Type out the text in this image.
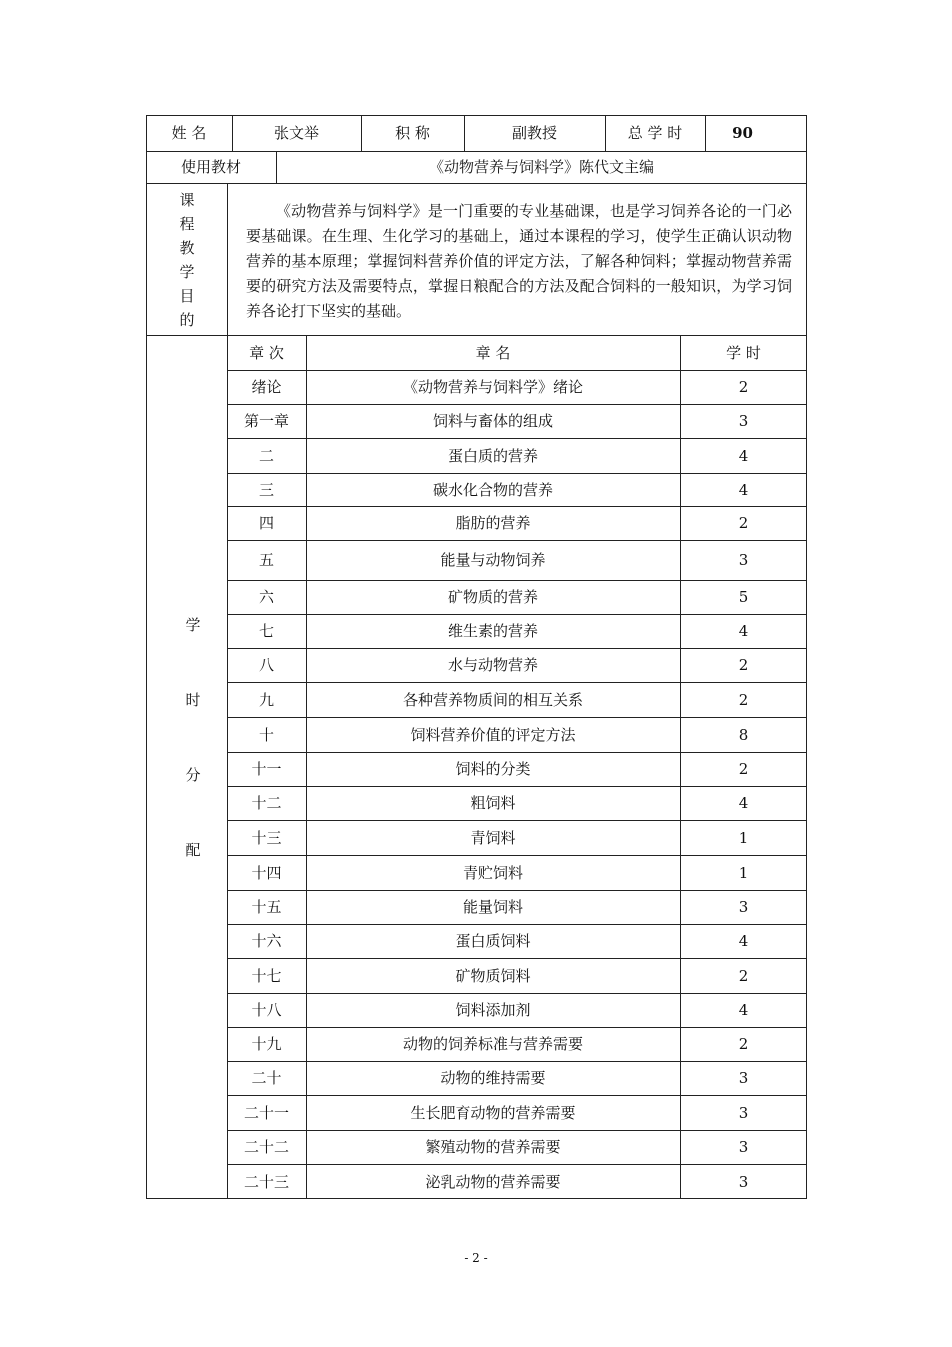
姓 名	张文举	积 称	副教授	总 学 时	90
使用教材	《动物营养与饲料学》陈代文主编
课
程
教
学
目
的
《动物营养与饲料学》是一门重要的专业基础课，也是学习饲养各论的一门必要基础课。在生理、生化学习的基础上，通过本课程的学习，使学生正确认识动物营养的基本原理；掌握饲料营养价值的评定方法，了解各种饲料；掌握动物营养需要的研究方法及需要特点，掌握日粮配合的方法及配合饲料的一般知识，为学习饲养各论打下坚实的基础。
学
时
分
配
章 次	章 名	学 时
绪论	《动物营养与饲料学》绪论	2
第一章	饲料与畜体的组成	3
二	蛋白质的营养	4
三	碳水化合物的营养	4
四	脂肪的营养	2
五	能量与动物饲养	3
六	矿物质的营养	5
七	维生素的营养	4
八	水与动物营养	2
九	各种营养物质间的相互关系	2
十	饲料营养价值的评定方法	8
十一	饲料的分类	2
十二	粗饲料	4
十三	青饲料	1
十四	青贮饲料	1
十五	能量饲料	3
十六	蛋白质饲料	4
十七	矿物质饲料	2
十八	饲料添加剂	4
十九	动物的饲养标准与营养需要	2
二十	动物的维持需要	3
二十一	生长肥育动物的营养需要	3
二十二	繁殖动物的营养需要	3
二十三	泌乳动物的营养需要	3
- 2 -
